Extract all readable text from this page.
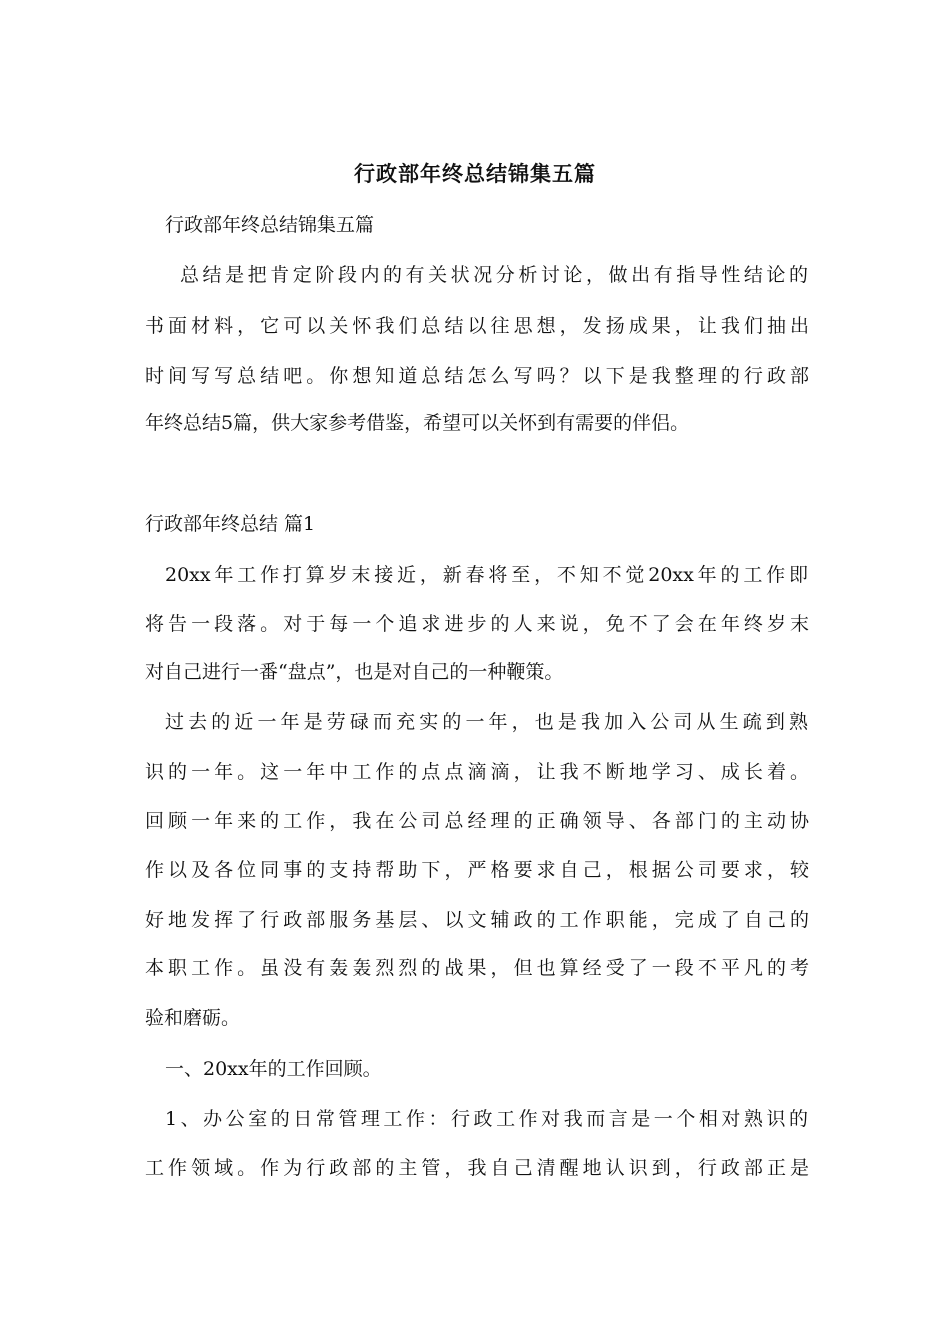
行政部年终总结锦集五篇
行政部年终总结锦集五篇
总结是把肯定阶段内的有关状况分析讨论，做出有指导性结论的
书面材料，它可以关怀我们总结以往思想，发扬成果，让我们抽出
时间写写总结吧。你想知道总结怎么写吗？以下是我整理的行政部
年终总结5篇，供大家参考借鉴，希望可以关怀到有需要的伴侣。
行政部年终总结 篇1
20xx年工作打算岁末接近，新春将至，不知不觉20xx年的工作即
将告一段落。对于每一个追求进步的人来说，免不了会在年终岁末
对自己进行一番“盘点”，也是对自己的一种鞭策。
过去的近一年是劳碌而充实的一年，也是我加入公司从生疏到熟
识的一年。这一年中工作的点点滴滴，让我不断地学习、成长着。
回顾一年来的工作，我在公司总经理的正确领导、各部门的主动协
作以及各位同事的支持帮助下，严格要求自己，根据公司要求，较
好地发挥了行政部服务基层、以文辅政的工作职能，完成了自己的
本职工作。虽没有轰轰烈烈的战果，但也算经受了一段不平凡的考
验和磨砺。
一、20xx年的工作回顾。
1、办公室的日常管理工作：行政工作对我而言是一个相对熟识的
工作领域。作为行政部的主管，我自己清醒地认识到，行政部正是
